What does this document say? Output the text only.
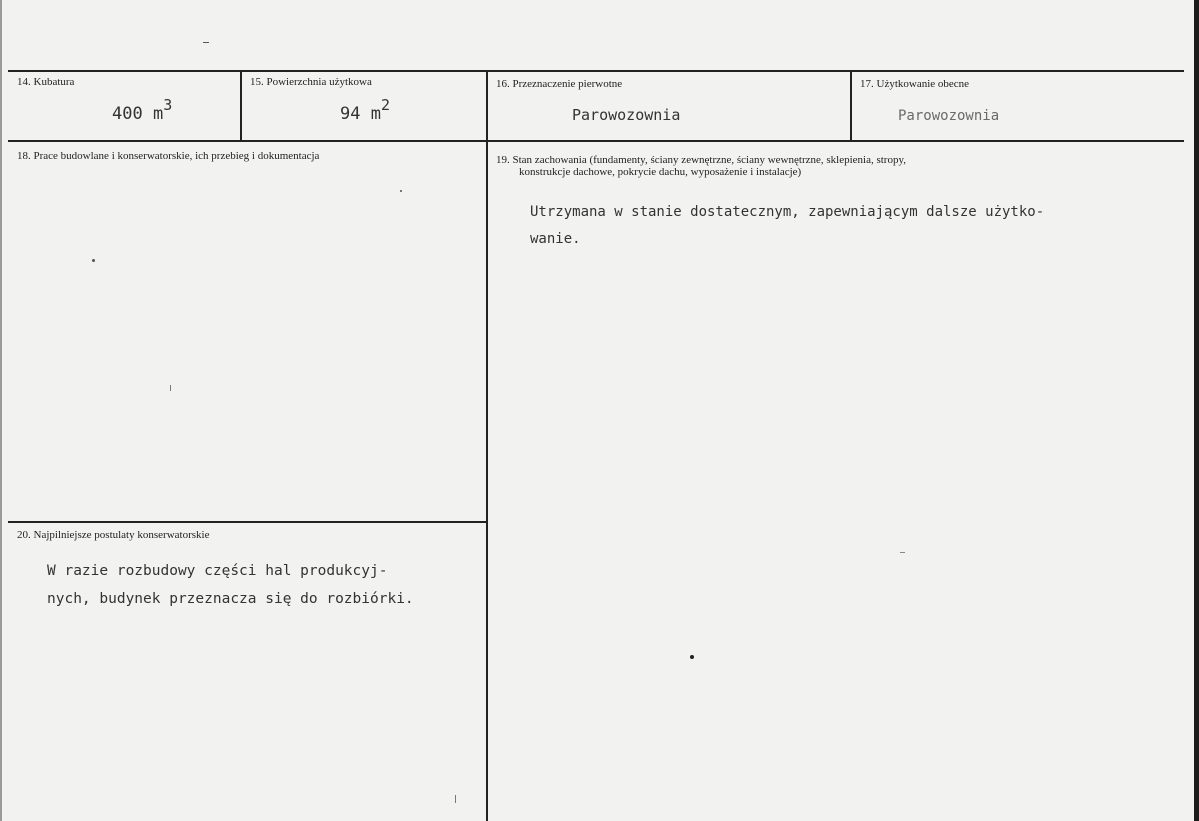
14. Kubatura
400 m3
15. Powierzchnia użytkowa
94 m2
16. Przeznaczenie pierwotne
Parowozownia
17. Użytkowanie obecne
Parowozownia
18. Prace budowlane i konserwatorskie, ich przebieg i dokumentacja	19. Stan zachowania (fundamenty, ściany zewnętrzne, ściany wewnętrzne, sklepienia, stropy,
konstrukcje dachowe, pokrycie dachu, wyposażenie i instalacje)
Utrzymana w stanie dostatecznym, zapewniającym dalsze użytko-
wanie.
20. Najpilniejsze postulaty konserwatorskie
W razie rozbudowy części hal produkcyj-
nych, budynek przeznacza się do rozbiórki.
